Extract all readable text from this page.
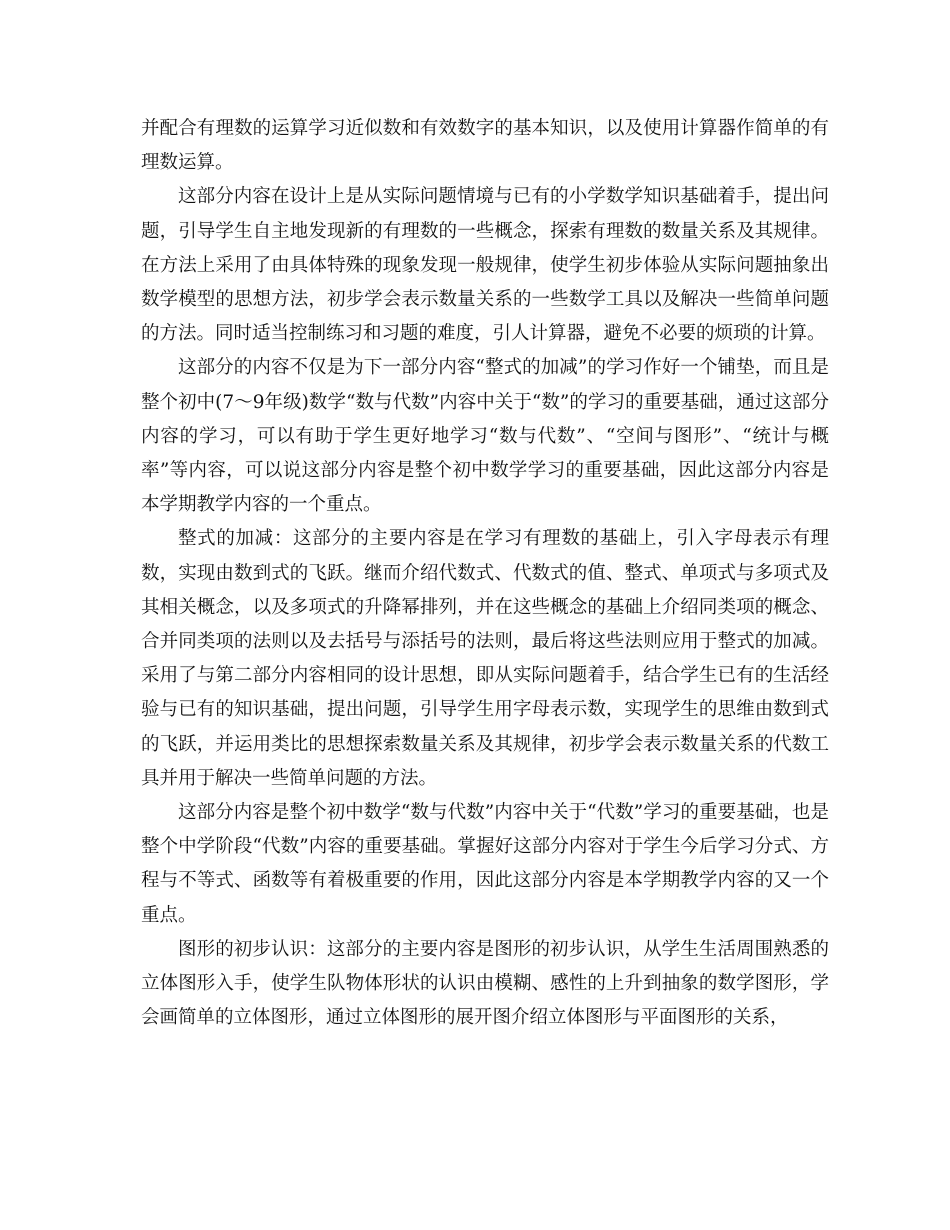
并配合有理数的运算学习近似数和有效数字的基本知识，以及使用计算器作简单的有理数运算。

这部分内容在设计上是从实际问题情境与已有的小学数学知识基础着手，提出问题，引导学生自主地发现新的有理数的一些概念，探索有理数的数量关系及其规律。在方法上采用了由具体特殊的现象发现一般规律，使学生初步体验从实际问题抽象出数学模型的思想方法，初步学会表示数量关系的一些数学工具以及解决一些简单问题的方法。同时适当控制练习和习题的难度，引人计算器，避免不必要的烦琐的计算。

这部分的内容不仅是为下一部分内容“整式的加减”的学习作好一个铺垫，而且是整个初中(7～9年级)数学“数与代数”内容中关于“数”的学习的重要基础，通过这部分内容的学习，可以有助于学生更好地学习“数与代数”、“空间与图形”、“统计与概率”等内容，可以说这部分内容是整个初中数学学习的重要基础，因此这部分内容是本学期教学内容的一个重点。

整式的加减：这部分的主要内容是在学习有理数的基础上，引入字母表示有理数，实现由数到式的飞跃。继而介绍代数式、代数式的值、整式、单项式与多项式及其相关概念，以及多项式的升降幂排列，并在这些概念的基础上介绍同类项的概念、合并同类项的法则以及去括号与添括号的法则，最后将这些法则应用于整式的加减。采用了与第二部分内容相同的设计思想，即从实际问题着手，结合学生已有的生活经验与已有的知识基础，提出问题，引导学生用字母表示数，实现学生的思维由数到式的飞跃，并运用类比的思想探索数量关系及其规律，初步学会表示数量关系的代数工具并用于解决一些简单问题的方法。

这部分内容是整个初中数学“数与代数”内容中关于“代数”学习的重要基础，也是整个中学阶段“代数”内容的重要基础。掌握好这部分内容对于学生今后学习分式、方程与不等式、函数等有着极重要的作用，因此这部分内容是本学期教学内容的又一个重点。

图形的初步认识：这部分的主要内容是图形的初步认识，从学生生活周围熟悉的立体图形入手，使学生队物体形状的认识由模糊、感性的上升到抽象的数学图形，学会画简单的立体图形，通过立体图形的展开图介绍立体图形与平面图形的关系，
